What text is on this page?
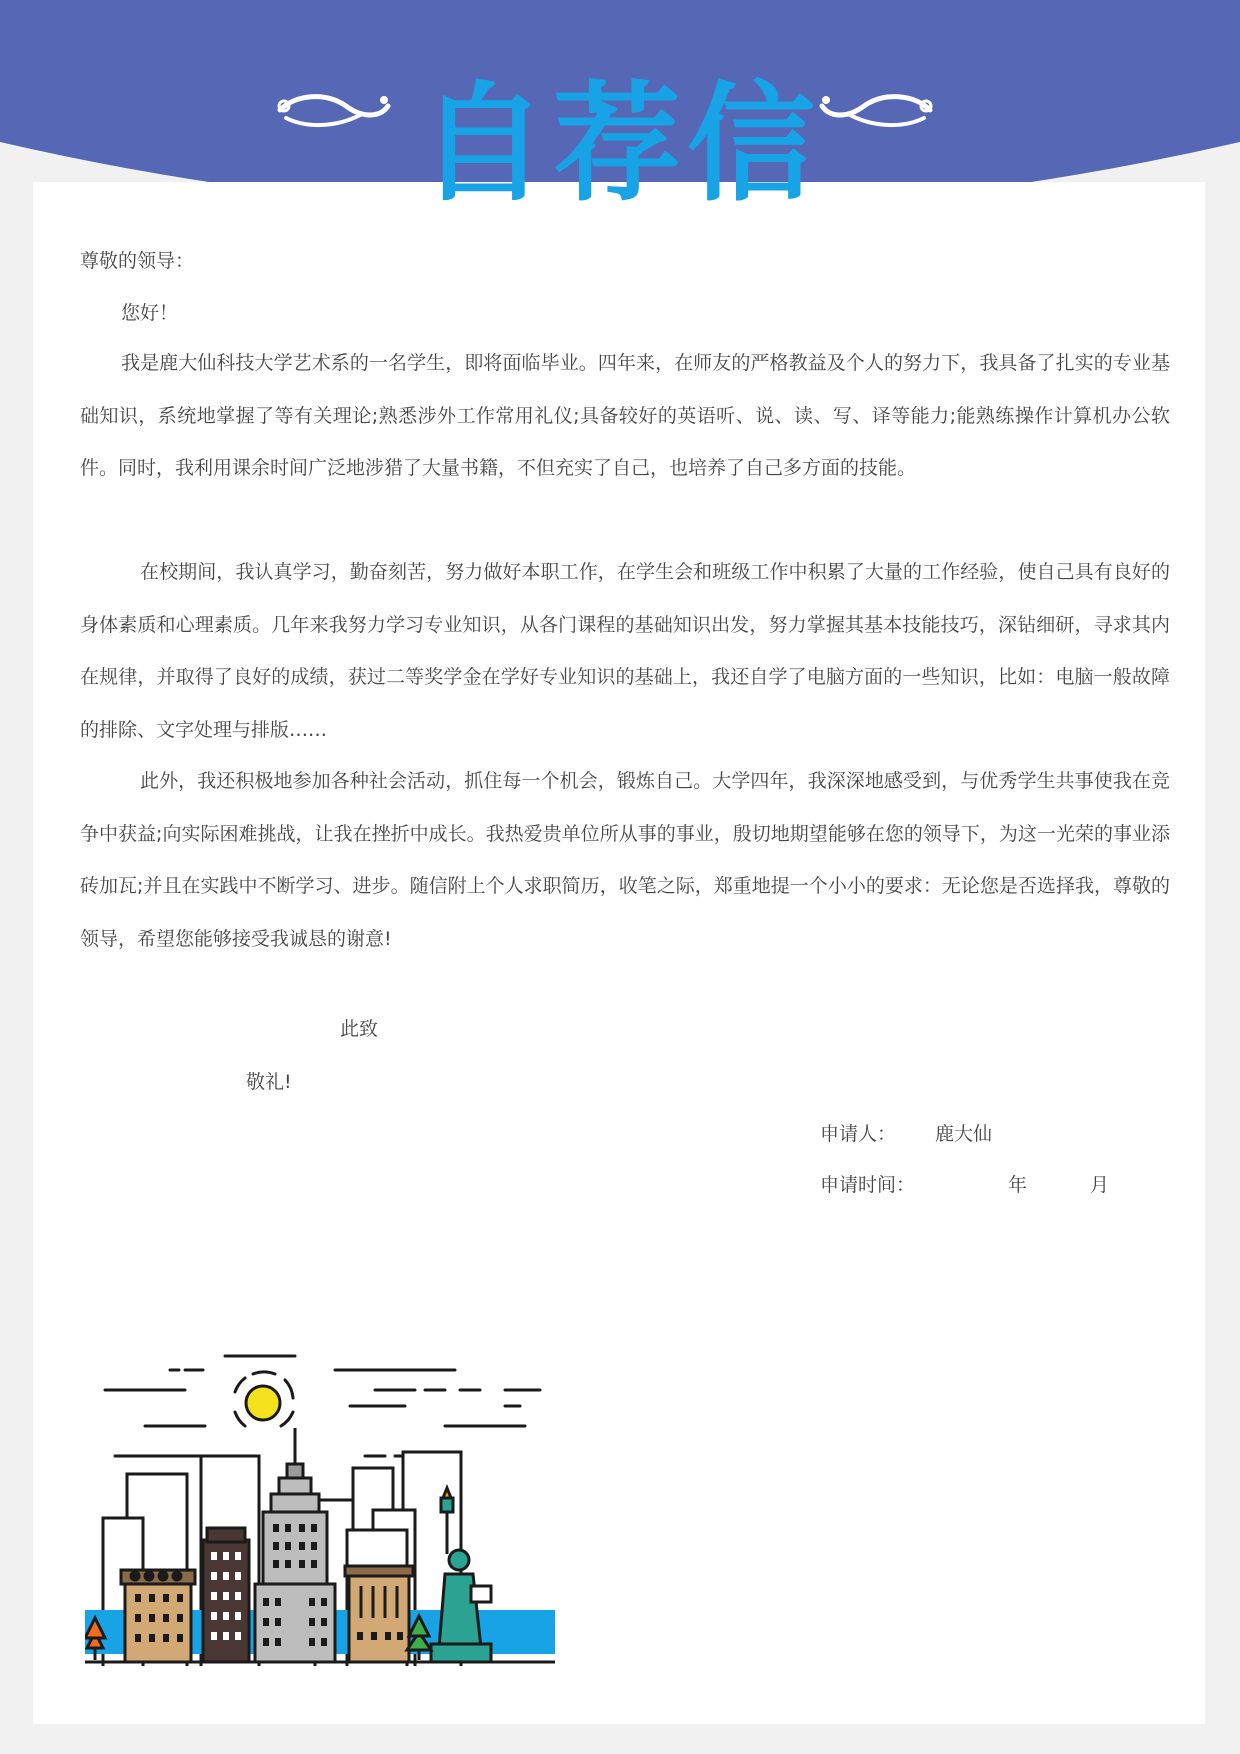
自荐信
尊敬的领导：
您好！
我是鹿大仙科技大学艺术系的一名学生，即将面临毕业。四年来，在师友的严格教益及个人的努力下，我具备了扎实的专业基础知识，系统地掌握了等有关理论;熟悉涉外工作常用礼仪;具备较好的英语听、说、读、写、译等能力;能熟练操作计算机办公软件。同时，我利用课余时间广泛地涉猎了大量书籍，不但充实了自己，也培养了自己多方面的技能。
在校期间，我认真学习，勤奋刻苦，努力做好本职工作，在学生会和班级工作中积累了大量的工作经验，使自己具有良好的身体素质和心理素质。几年来我努力学习专业知识，从各门课程的基础知识出发，努力掌握其基本技能技巧，深钻细研，寻求其内在规律，并取得了良好的成绩，获过二等奖学金在学好专业知识的基础上，我还自学了电脑方面的一些知识，比如：电脑一般故障的排除、文字处理与排版……
此外，我还积极地参加各种社会活动，抓住每一个机会，锻炼自己。大学四年，我深深地感受到，与优秀学生共事使我在竞争中获益;向实际困难挑战，让我在挫折中成长。我热爱贵单位所从事的事业，殷切地期望能够在您的领导下，为这一光荣的事业添砖加瓦;并且在实践中不断学习、进步。随信附上个人求职简历，收笔之际，郑重地提一个小小的要求：无论您是否选择我，尊敬的领导，希望您能够接受我诚恳的谢意!
此致
敬礼!
申请人： 鹿大仙
申请时间：	年	月
